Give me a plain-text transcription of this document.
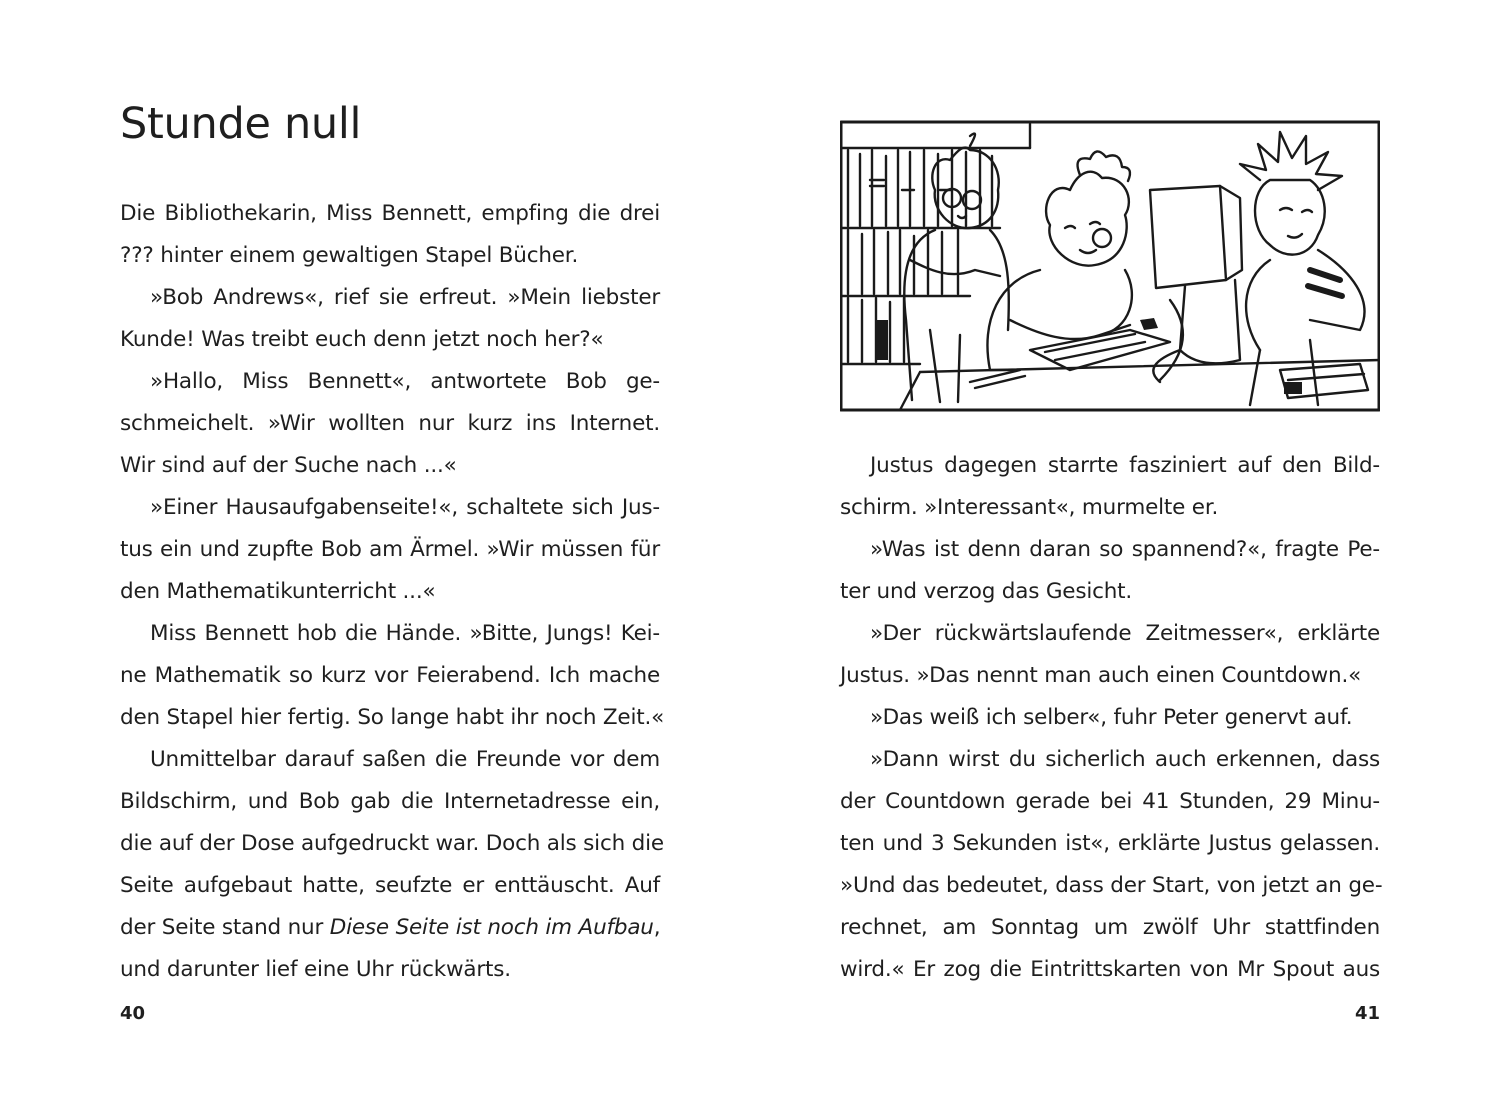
Stunde null
Die Bibliothekarin, Miss Bennett, empfing die drei
??? hinter einem gewaltigen Stapel Bücher.
»Bob Andrews«, rief sie erfreut. »Mein liebster
Kunde! Was treibt euch denn jetzt noch her?«
»Hallo, Miss Bennett«, antwortete Bob ge-
schmeichelt. »Wir wollten nur kurz ins Internet.
Wir sind auf der Suche nach ...«
»Einer Hausaufgabenseite!«, schaltete sich Jus-
tus ein und zupfte Bob am Ärmel. »Wir müssen für
den Mathematikunterricht ...«
Miss Bennett hob die Hände. »Bitte, Jungs! Kei-
ne Mathematik so kurz vor Feierabend. Ich mache
den Stapel hier fertig. So lange habt ihr noch Zeit.«
Unmittelbar darauf saßen die Freunde vor dem
Bildschirm, und Bob gab die Internetadresse ein,
die auf der Dose aufgedruckt war. Doch als sich die
Seite aufgebaut hatte, seufzte er enttäuscht. Auf
der Seite stand nur Diese Seite ist noch im Aufbau,
und darunter lief eine Uhr rückwärts.
40
Justus dagegen starrte fasziniert auf den Bild-
schirm. »Interessant«, murmelte er.
»Was ist denn daran so spannend?«, fragte Pe-
ter und verzog das Gesicht.
»Der rückwärtslaufende Zeitmesser«, erklärte
Justus. »Das nennt man auch einen Countdown.«
»Das weiß ich selber«, fuhr Peter genervt auf.
»Dann wirst du sicherlich auch erkennen, dass
der Countdown gerade bei 41 Stunden, 29 Minu-
ten und 3 Sekunden ist«, erklärte Justus gelassen.
»Und das bedeutet, dass der Start, von jetzt an ge-
rechnet, am Sonntag um zwölf Uhr stattfinden
wird.« Er zog die Eintrittskarten von Mr Spout aus
41
